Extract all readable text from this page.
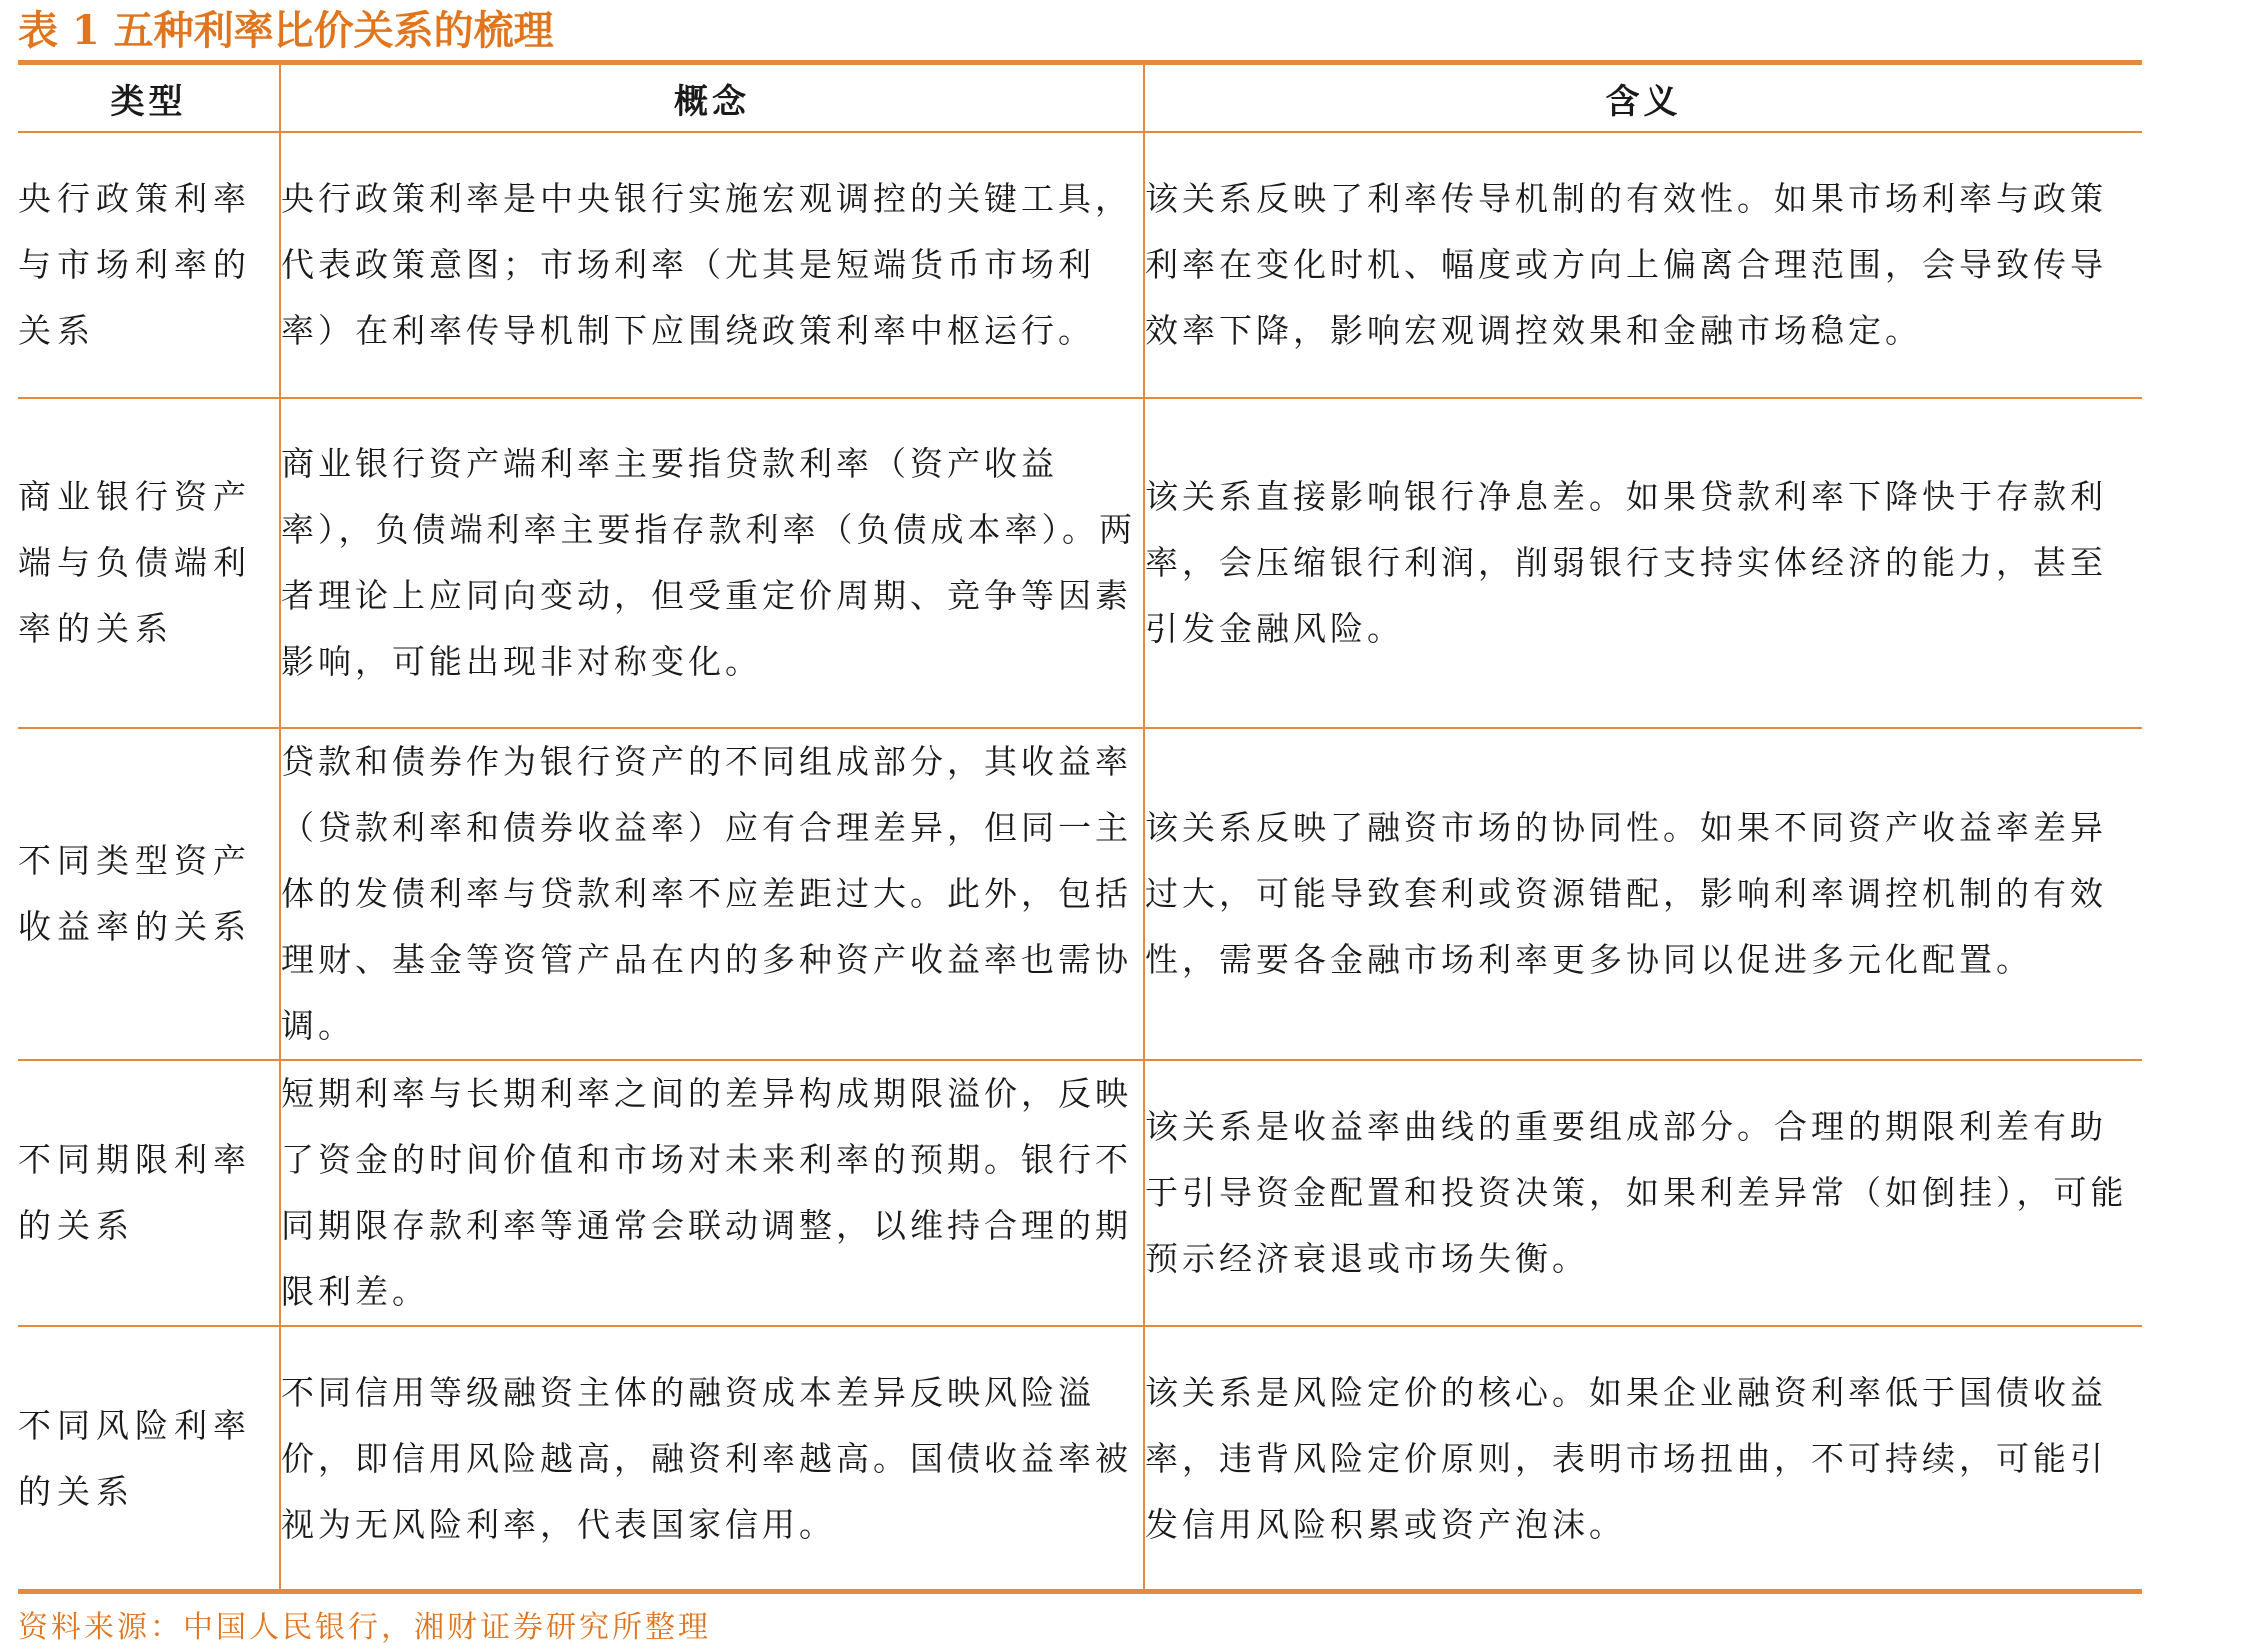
表 1 五种利率比价关系的梳理
类型	概念	含义
央行政策利率与市场利率的关系	央行政策利率是中央银行实施宏观调控的关键工具，代表政策意图；市场利率（尤其是短端货币市场利率）在利率传导机制下应围绕政策利率中枢运行。	该关系反映了利率传导机制的有效性。如果市场利率与政策利率在变化时机、幅度或方向上偏离合理范围，会导致传导效率下降，影响宏观调控效果和金融市场稳定。
商业银行资产端与负债端利率的关系	商业银行资产端利率主要指贷款利率（资产收益率），负债端利率主要指存款利率（负债成本率）。两者理论上应同向变动，但受重定价周期、竞争等因素影响，可能出现非对称变化。	该关系直接影响银行净息差。如果贷款利率下降快于存款利率，会压缩银行利润，削弱银行支持实体经济的能力，甚至引发金融风险。
不同类型资产收益率的关系	贷款和债券作为银行资产的不同组成部分，其收益率（贷款利率和债券收益率）应有合理差异，但同一主体的发债利率与贷款利率不应差距过大。此外，包括理财、基金等资管产品在内的多种资产收益率也需协调。	该关系反映了融资市场的协同性。如果不同资产收益率差异过大，可能导致套利或资源错配，影响利率调控机制的有效性，需要各金融市场利率更多协同以促进多元化配置。
不同期限利率的关系	短期利率与长期利率之间的差异构成期限溢价，反映了资金的时间价值和市场对未来利率的预期。银行不同期限存款利率等通常会联动调整，以维持合理的期限利差。	该关系是收益率曲线的重要组成部分。合理的期限利差有助于引导资金配置和投资决策，如果利差异常（如倒挂），可能预示经济衰退或市场失衡。
不同风险利率的关系	不同信用等级融资主体的融资成本差异反映风险溢价，即信用风险越高，融资利率越高。国债收益率被视为无风险利率，代表国家信用。	该关系是风险定价的核心。如果企业融资利率低于国债收益率，违背风险定价原则，表明市场扭曲，不可持续，可能引发信用风险积累或资产泡沫。
资料来源：中国人民银行，湘财证券研究所整理
